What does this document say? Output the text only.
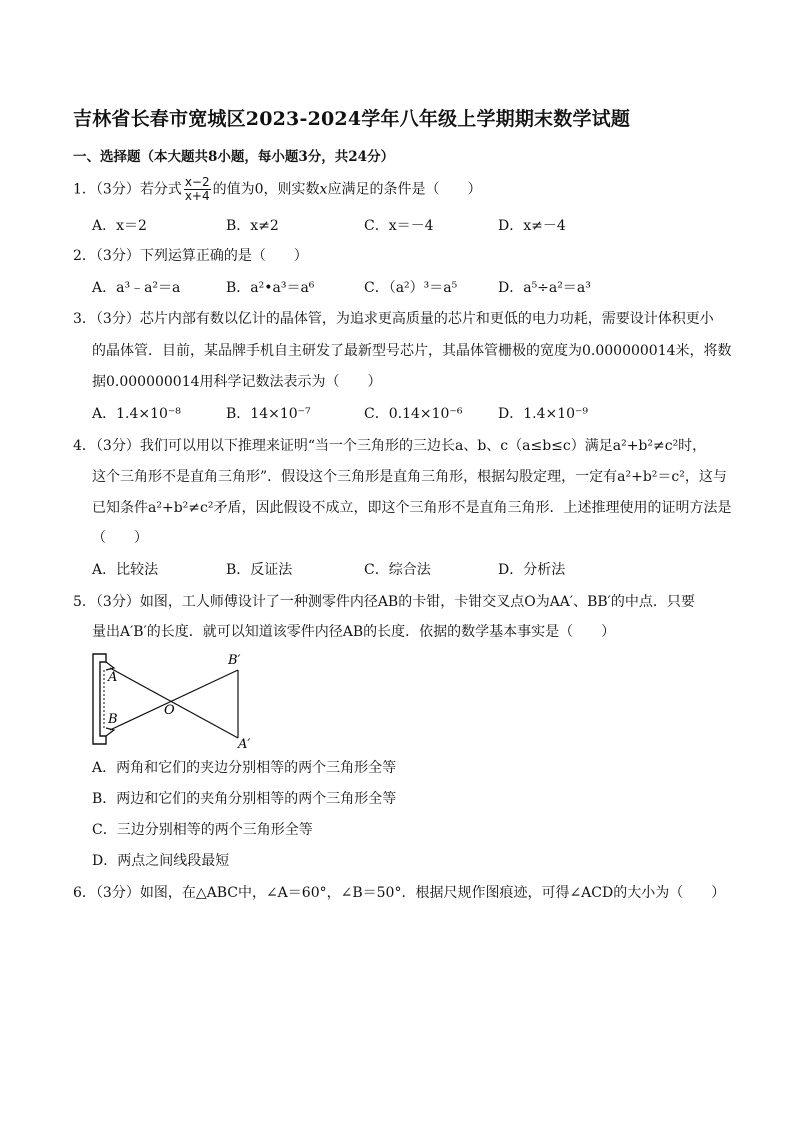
吉林省长春市宽城区2023-2024学年八年级上学期期末数学试题
一、选择题（本大题共8小题，每小题3分，共24分）
1．（3分）若分式 $\frac{x-2}{x+4}$ 的值为0，则实数x应满足的条件是（　　）
A．x＝2	B．x≠2	C．x＝－4	D．x≠－4
2．（3分）下列运算正确的是（　　）
A．a³﹣a²＝a	B．a²•a³＝a⁶	C．（a²）³＝a⁵	D．a⁵÷a²＝a³
3．（3分）芯片内部有数以亿计的晶体管，为追求更高质量的芯片和更低的电力功耗，需要设计体积更小
的晶体管．目前，某品牌手机自主研发了最新型号芯片，其晶体管栅极的宽度为0.000000014米，将数
据0.000000014用科学记数法表示为（　　）
A．1.4×10⁻⁸	B．14×10⁻⁷	C．0.14×10⁻⁶	D．1.4×10⁻⁹
4．（3分）我们可以用以下推理来证明“当一个三角形的三边长a、b、c（a≤b≤c）满足a²+b²≠c²时，
这个三角形不是直角三角形”．假设这个三角形是直角三角形，根据勾股定理，一定有a²+b²＝c²，这与
已知条件a²+b²≠c²矛盾，因此假设不成立，即这个三角形不是直角三角形．上述推理使用的证明方法是
（　　）
A．比较法	B．反证法	C．综合法	D．分析法
5．（3分）如图，工人师傅设计了一种测零件内径AB的卡钳，卡钳交叉点O为AA′、BB′的中点．只要
量出A′B′的长度．就可以知道该零件内径AB的长度．依据的数学基本事实是（　　）
A
B
O
B′
A′
A．两角和它们的夹边分别相等的两个三角形全等
B．两边和它们的夹角分别相等的两个三角形全等
C．三边分别相等的两个三角形全等
D．两点之间线段最短
6．（3分）如图，在△ABC中，∠A＝60°，∠B＝50°．根据尺规作图痕迹，可得∠ACD的大小为（　　）
